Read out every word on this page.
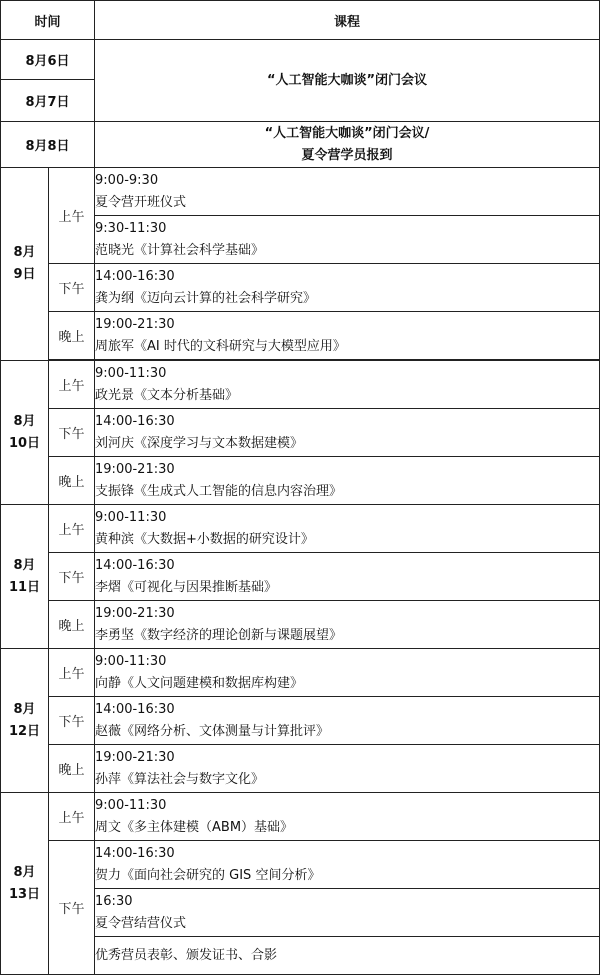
时间		课程
8月6日		“人工智能大咖谈”闭门会议
8月7日		
8月8日		“人工智能大咖谈”闭门会议/
夏令营学员报到

8月
9日	上午	9:00-9:30
夏令营开班仪式

		9:30-11:30
范晓光《计算社会科学基础》

	下午	14:00-16:30
龚为纲《迈向云计算的社会科学研究》

	晚上	19:00-21:30
周旅军《AI 时代的文科研究与大模型应用》

8月
10日	上午	9:00-11:30
政光景《文本分析基础》

	下午	14:00-16:30
刘河庆《深度学习与文本数据建模》

	晚上	19:00-21:30
支振锋《生成式人工智能的信息内容治理》

8月
11日	上午	9:00-11:30
黄种滨《大数据+小数据的研究设计》

	下午	14:00-16:30
李熠《可视化与因果推断基础》

	晚上	19:00-21:30
李勇坚《数字经济的理论创新与课题展望》

8月
12日	上午	9:00-11:30
向静《人文问题建模和数据库构建》

	下午	14:00-16:30
赵薇《网络分析、文体测量与计算批评》

	晚上	19:00-21:30
孙萍《算法社会与数字文化》

8月
13日	上午	9:00-11:30
周文《多主体建模（ABM）基础》

	下午	14:00-16:30
贺力《面向社会研究的 GIS 空间分析》

		16:30
夏令营结营仪式

		优秀营员表彰、颁发证书、合影
